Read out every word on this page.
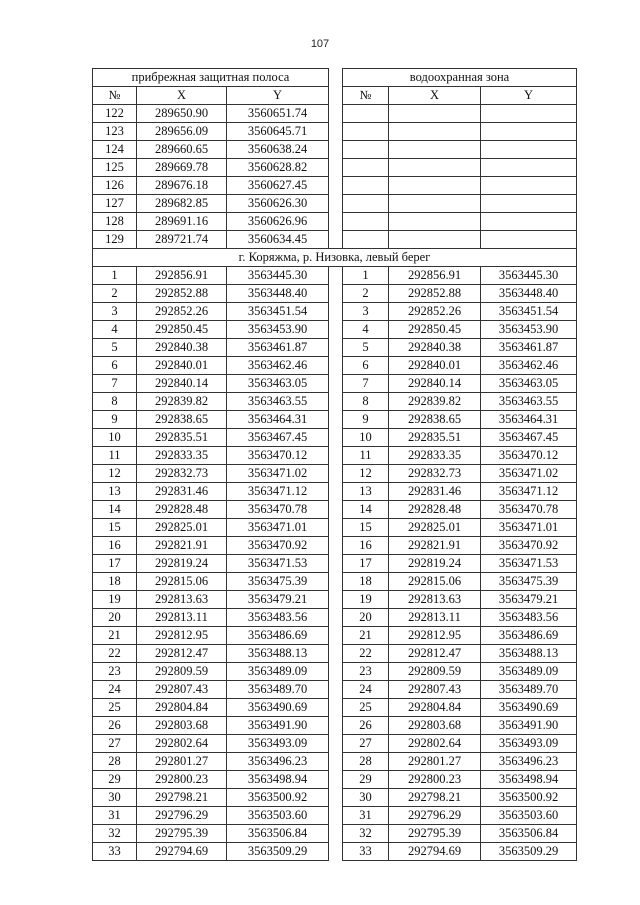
107
прибрежная защитная полоса				водоохранная зона		
№	X	Y		№	X	Y
122	289650.90	3560651.74				
123	289656.09	3560645.71				
124	289660.65	3560638.24				
125	289669.78	3560628.82				
126	289676.18	3560627.45				
127	289682.85	3560626.30				
128	289691.16	3560626.96				
129	289721.74	3560634.45				
г. Коряжма, р. Низовка, левый берег						
1	292856.91	3563445.30		1	292856.91	3563445.30
2	292852.88	3563448.40		2	292852.88	3563448.40
3	292852.26	3563451.54		3	292852.26	3563451.54
4	292850.45	3563453.90		4	292850.45	3563453.90
5	292840.38	3563461.87		5	292840.38	3563461.87
6	292840.01	3563462.46		6	292840.01	3563462.46
7	292840.14	3563463.05		7	292840.14	3563463.05
8	292839.82	3563463.55		8	292839.82	3563463.55
9	292838.65	3563464.31		9	292838.65	3563464.31
10	292835.51	3563467.45		10	292835.51	3563467.45
11	292833.35	3563470.12		11	292833.35	3563470.12
12	292832.73	3563471.02		12	292832.73	3563471.02
13	292831.46	3563471.12		13	292831.46	3563471.12
14	292828.48	3563470.78		14	292828.48	3563470.78
15	292825.01	3563471.01		15	292825.01	3563471.01
16	292821.91	3563470.92		16	292821.91	3563470.92
17	292819.24	3563471.53		17	292819.24	3563471.53
18	292815.06	3563475.39		18	292815.06	3563475.39
19	292813.63	3563479.21		19	292813.63	3563479.21
20	292813.11	3563483.56		20	292813.11	3563483.56
21	292812.95	3563486.69		21	292812.95	3563486.69
22	292812.47	3563488.13		22	292812.47	3563488.13
23	292809.59	3563489.09		23	292809.59	3563489.09
24	292807.43	3563489.70		24	292807.43	3563489.70
25	292804.84	3563490.69		25	292804.84	3563490.69
26	292803.68	3563491.90		26	292803.68	3563491.90
27	292802.64	3563493.09		27	292802.64	3563493.09
28	292801.27	3563496.23		28	292801.27	3563496.23
29	292800.23	3563498.94		29	292800.23	3563498.94
30	292798.21	3563500.92		30	292798.21	3563500.92
31	292796.29	3563503.60		31	292796.29	3563503.60
32	292795.39	3563506.84		32	292795.39	3563506.84
33	292794.69	3563509.29		33	292794.69	3563509.29
